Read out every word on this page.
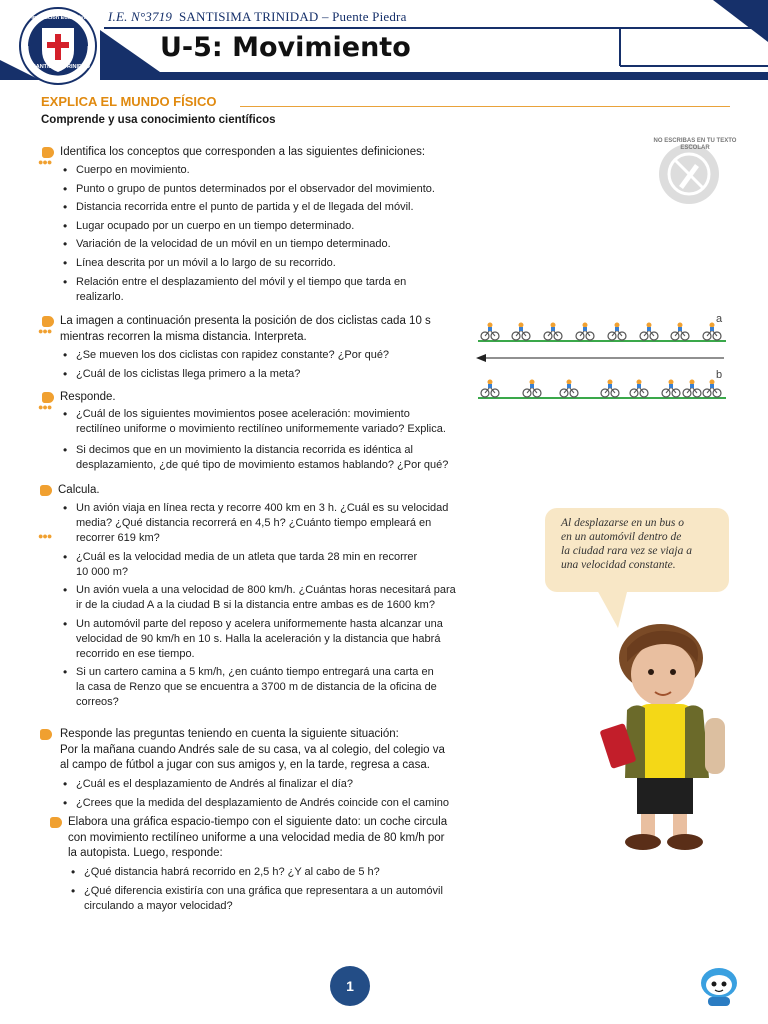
Institución Educativa
SANTISIMA TRINIDAD
I.E. N°3719 SANTISIMA TRINIDAD – Puente Piedra
U-5: Movimiento
EXPLICA EL MUNDO FÍSICO
Comprende y usa conocimiento científicos
NO ESCRIBAS EN TU TEXTO ESCOLAR
●●●
Identifica los conceptos que corresponden a las siguientes definiciones:
• Cuerpo en movimiento.
• Punto o grupo de puntos determinados por el observador del movimiento.
• Distancia recorrida entre el punto de partida y el de llegada del móvil.
• Lugar ocupado por un cuerpo en un tiempo determinado.
• Variación de la velocidad de un móvil en un tiempo determinado.
• Línea descrita por un móvil a lo largo de su recorrido.
• Relación entre el desplazamiento del móvil y el tiempo que tarda en realizarlo.
●●●
La imagen a continuación presenta la posición de dos ciclistas cada 10 s
mientras recorren la misma distancia. Interpreta.
• ¿Se mueven los dos ciclistas con rapidez constante? ¿Por qué?
• ¿Cuál de los ciclistas llega primero a la meta?
a
b
●●●
Responde.
• ¿Cuál de los siguientes movimientos posee aceleración: movimiento
rectilíneo uniforme o movimiento rectilíneo uniformemente variado? Explica.
• Si decimos que en un movimiento la distancia recorrida es idéntica al
desplazamiento, ¿de qué tipo de movimiento estamos hablando? ¿Por qué?
Calcula.
●●●
• Un avión viaja en línea recta y recorre 400 km en 3 h. ¿Cuál es su velocidad
media? ¿Qué distancia recorrerá en 4,5 h? ¿Cuánto tiempo empleará en
recorrer 619 km?
• ¿Cuál es la velocidad media de un atleta que tarda 28 min en recorrer
10 000 m?
• Un avión vuela a una velocidad de 800 km/h. ¿Cuántas horas necesitará para
ir de la ciudad A a la ciudad B si la distancia entre ambas es de 1600 km?
• Un automóvil parte del reposo y acelera uniformemente hasta alcanzar una
velocidad de 90 km/h en 10 s. Halla la aceleración y la distancia que habrá
recorrido en ese tiempo.
• Si un cartero camina a 5 km/h, ¿en cuánto tiempo entregará una carta en
la casa de Renzo que se encuentra a 3700 m de distancia de la oficina de
correos?
Al desplazarse en un bus o
en un automóvil dentro de
la ciudad rara vez se viaja a
una velocidad constante.
Responde las preguntas teniendo en cuenta la siguiente situación:
Por la mañana cuando Andrés sale de su casa, va al colegio, del colegio va
al campo de fútbol a jugar con sus amigos y, en la tarde, regresa a casa.
• ¿Cuál es el desplazamiento de Andrés al finalizar el día?
• ¿Crees que la medida del desplazamiento de Andrés coincide con el camino
Elabora una gráfica espacio-tiempo con el siguiente dato: un coche circula
con movimiento rectilíneo uniforme a una velocidad media de 80 km/h por
la autopista. Luego, responde:
• ¿Qué distancia habrá recorrido en 2,5 h? ¿Y al cabo de 5 h?
• ¿Qué diferencia existiría con una gráfica que representara a un automóvil
circulando a mayor velocidad?
1
